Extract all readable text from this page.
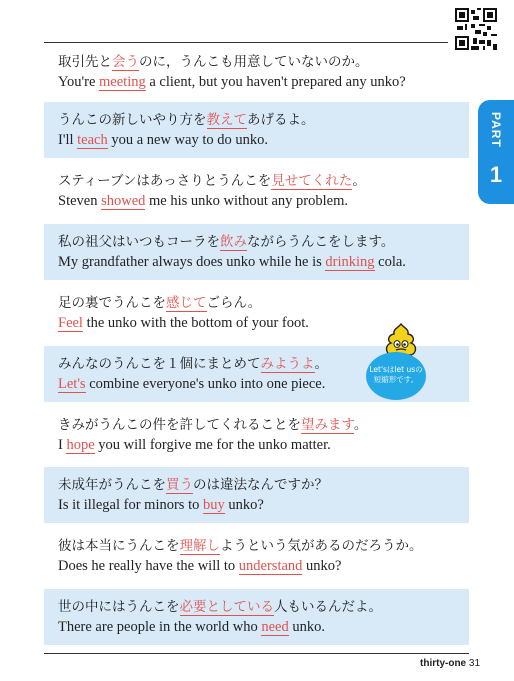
PART
1
取引先と会うのに，うんこも用意していないのか。
You're meeting a client, but you haven't prepared any unko?
うんこの新しいやり方を教えてあげるよ。
I'll teach you a new way to do unko.
スティーブンはあっさりとうんこを見せてくれた。
Steven showed me his unko without any problem.
私の祖父はいつもコーラを飲みながらうんこをします。
My grandfather always does unko while he is drinking cola.
足の裏でうんこを感じてごらん。
Feel the unko with the bottom of your foot.
みんなのうんこを１個にまとめてみようよ。
Let's combine everyone's unko into one piece.
きみがうんこの件を許してくれることを望みます。
I hope you will forgive me for the unko matter.
未成年がうんこを買うのは違法なんですか？
Is it illegal for minors to buy unko?
彼は本当にうんこを理解しようという気があるのだろうか。
Does he really have the will to understand unko?
世の中にはうんこを必要としている人もいるんだよ。
There are people in the world who need unko.
Let'sはlet usの短縮形です。
thirty-one 31
